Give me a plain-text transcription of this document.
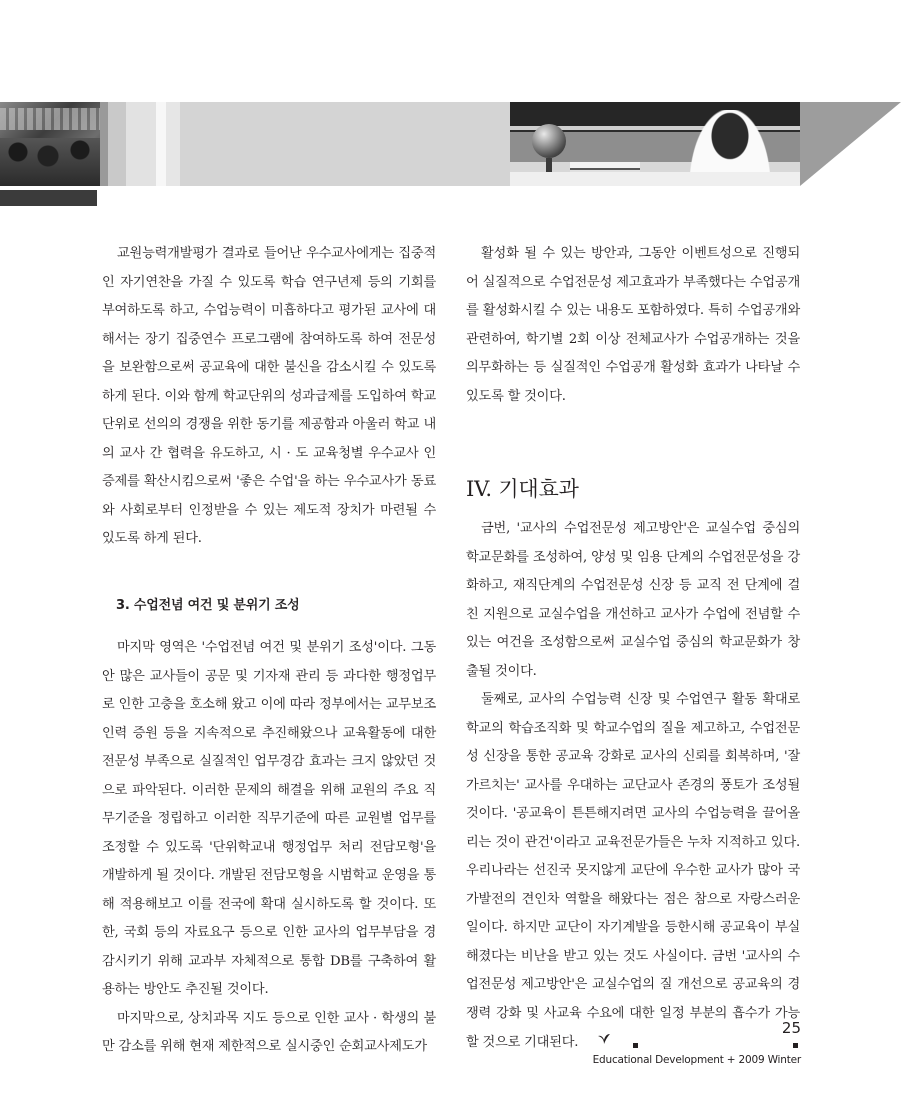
교원능력개발평가 결과로 들어난 우수교사에게는 집중적인 자기연찬을 가질 수 있도록 학습 연구년제 등의 기회를 부여하도록 하고, 수업능력이 미흡하다고 평가된 교사에 대해서는 장기 집중연수 프로그램에 참여하도록 하여 전문성을 보완함으로써 공교육에 대한 불신을 감소시킬 수 있도록 하게 된다. 이와 함께 학교단위의 성과급제를 도입하여 학교단위로 선의의 경쟁을 위한 동기를 제공함과 아울러 학교 내의 교사 간 협력을 유도하고, 시 · 도 교육청별 우수교사 인증제를 확산시킴으로써 '좋은 수업'을 하는 우수교사가 동료와 사회로부터 인정받을 수 있는 제도적 장치가 마련될 수 있도록 하게 된다.

3. 수업전념 여건 및 분위기 조성

마지막 영역은 '수업전념 여건 및 분위기 조성'이다. 그동안 많은 교사들이 공문 및 기자재 관리 등 과다한 행정업무로 인한 고충을 호소해 왔고 이에 따라 정부에서는 교무보조인력 증원 등을 지속적으로 추진해왔으나 교육활동에 대한 전문성 부족으로 실질적인 업무경감 효과는 크지 않았던 것으로 파악된다. 이러한 문제의 해결을 위해 교원의 주요 직무기준을 정립하고 이러한 직무기준에 따른 교원별 업무를 조정할 수 있도록 '단위학교내 행정업무 처리 전담모형'을 개발하게 될 것이다. 개발된 전담모형을 시범학교 운영을 통해 적용해보고 이를 전국에 확대 실시하도록 할 것이다. 또한, 국회 등의 자료요구 등으로 인한 교사의 업무부담을 경감시키기 위해 교과부 자체적으로 통합 DB를 구축하여 활용하는 방안도 추진될 것이다.

마지막으로, 상치과목 지도 등으로 인한 교사 · 학생의 불만 감소를 위해 현재 제한적으로 실시중인 순회교사제도가

활성화 될 수 있는 방안과, 그동안 이벤트성으로 진행되어 실질적으로 수업전문성 제고효과가 부족했다는 수업공개를 활성화시킬 수 있는 내용도 포함하였다. 특히 수업공개와 관련하여, 학기별 2회 이상 전체교사가 수업공개하는 것을 의무화하는 등 실질적인 수업공개 활성화 효과가 나타날 수 있도록 할 것이다.

IV. 기대효과

금번, '교사의 수업전문성 제고방안'은 교실수업 중심의 학교문화를 조성하여, 양성 및 임용 단계의 수업전문성을 강화하고, 재직단계의 수업전문성 신장 등 교직 전 단계에 걸친 지원으로 교실수업을 개선하고 교사가 수업에 전념할 수 있는 여건을 조성함으로써 교실수업 중심의 학교문화가 창출될 것이다.

둘째로, 교사의 수업능력 신장 및 수업연구 활동 확대로 학교의 학습조직화 및 학교수업의 질을 제고하고, 수업전문성 신장을 통한 공교육 강화로 교사의 신뢰를 회복하며, '잘 가르치는' 교사를 우대하는 교단교사 존경의 풍토가 조성될 것이다. '공교육이 튼튼해지려면 교사의 수업능력을 끌어올리는 것이 관건'이라고 교육전문가들은 누차 지적하고 있다. 우리나라는 선진국 못지않게 교단에 우수한 교사가 많아 국가발전의 견인차 역할을 해왔다는 점은 참으로 자랑스러운 일이다. 하지만 교단이 자기계발을 등한시해 공교육이 부실해졌다는 비난을 받고 있는 것도 사실이다. 금번 '교사의 수업전문성 제고방안'은 교실수업의 질 개선으로 공교육의 경쟁력 강화 및 사교육 수요에 대한 일정 부분의 흡수가 가능할 것으로 기대된다.

25
Educational Development + 2009 Winter
